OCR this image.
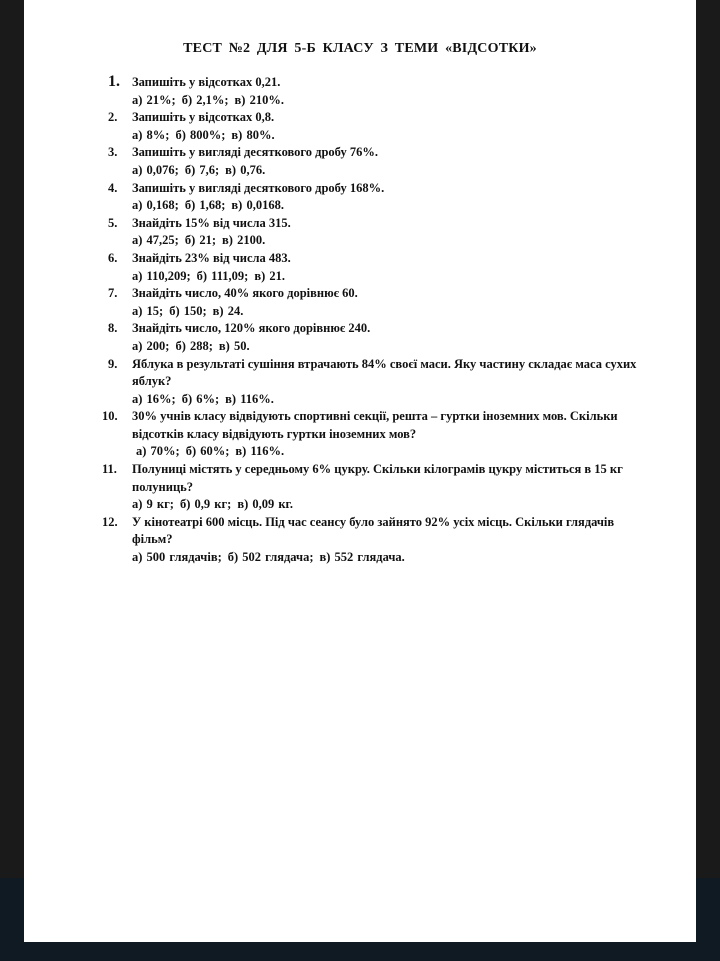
ТЕСТ №2 ДЛЯ 5-Б КЛАСУ З ТЕМИ «ВІДСОТКИ»
1. Запишіть у відсотках 0,21.
а) 21%; б) 2,1%; в) 210%.
2. Запишіть у відсотках 0,8.
а) 8%; б) 800%; в) 80%.
3. Запишіть у вигляді десяткового дробу 76%.
а) 0,076; б) 7,6; в) 0,76.
4. Запишіть у вигляді десяткового дробу 168%.
а) 0,168; б) 1,68; в) 0,0168.
5. Знайдіть 15% від числа 315.
а) 47,25; б) 21; в) 2100.
6. Знайдіть 23% від числа 483.
а) 110,209; б) 111,09; в) 21.
7. Знайдіть число, 40% якого дорівнює 60.
а) 15; б) 150; в) 24.
8. Знайдіть число, 120% якого дорівнює 240.
а) 200; б) 288; в) 50.
9. Яблука в результаті сушіння втрачають 84% своєї маси. Яку частину складає маса сухих яблук?
а) 16%; б) 6%; в) 116%.
10. 30% учнів класу відвідують спортивні секції, решта – гуртки іноземних мов. Скільки відсотків класу відвідують гуртки іноземних мов?
а) 70%; б) 60%; в) 116%.
11. Полуниці містять у середньому 6% цукру. Скільки кілограмів цукру міститься в 15 кг полуниць?
а) 9 кг; б) 0,9 кг; в) 0,09 кг.
12. У кінотеатрі 600 місць. Під час сеансу було зайнято 92% усіх місць. Скільки глядачів фільм?
а) 500 глядачів; б) 502 глядача; в) 552 глядача.
